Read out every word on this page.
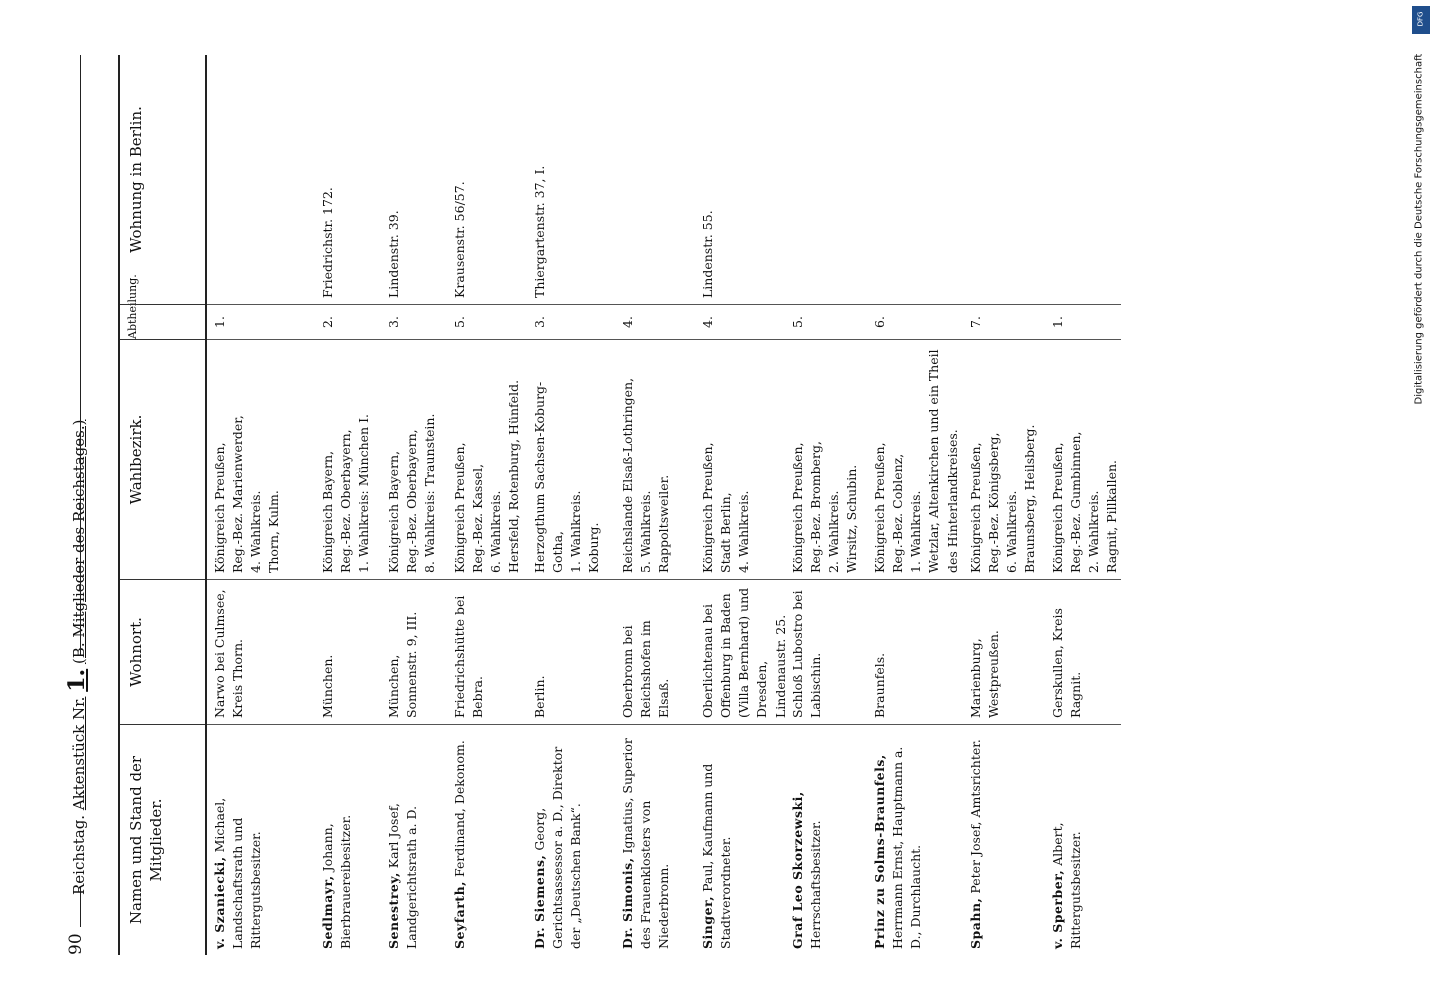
90
Reichstag. Aktenstück Nr. 1. (B. Mitglieder des Reichstages.)
Namen und Stand der Mitglieder.
Wohnort.
Wahlbezirk.
Abtheilung.
Wohnung in Berlin.
v. Szaniecki, Michael, Landschaftsrath und Rittergutsbesitzer.
Narwo bei Culmsee, Kreis Thorn.
Königreich Preußen, Reg.-Bez. Marienwerder, 4. Wahlkreis. Thorn, Kulm.
1.
Sedlmayr, Johann, Bierbrauereibesitzer.
München.
Königreich Bayern, Reg.-Bez. Oberbayern, 1. Wahlkreis: München I.
2.
Friedrichstr. 172.
Senestrey, Karl Josef, Landgerichtsrath a. D.
München, Sonnenstr. 9, III.
Königreich Bayern, Reg.-Bez. Oberbayern, 8. Wahlkreis: Traunstein.
3.
Lindenstr. 39.
Seyfarth, Ferdinand, Dekonom.
Friedrichshütte bei Bebra.
Königreich Preußen, Reg.-Bez. Kassel, 6. Wahlkreis. Hersfeld, Rotenburg, Hünfeld.
5.
Krausenstr. 56/57.
Dr. Siemens, Georg, Gerichtsassessor a. D., Direktor der „Deutschen Bank“.
Berlin.
Herzogthum Sachsen-Koburg-Gotha, 1. Wahlkreis. Koburg.
3.
Thiergartenstr. 37, I.
Dr. Simonis, Ignatius, Superior des Frauenklosters von Niederbronn.
Oberbronn bei Reichshofen im Elsaß.
Reichslande Elsaß-Lothringen, 5. Wahlkreis. Rappoltsweiler.
4.
Singer, Paul, Kaufmann und Stadtverordneter.
Oberlichtenau bei Offenburg in Baden (Villa Bernhard) und Dresden, Lindenaustr. 25.
Königreich Preußen, Stadt Berlin, 4. Wahlkreis.
4.
Lindenstr. 55.
Graf Leo Skorzewski, Herrschaftsbesitzer.
Schloß Lubostro bei Labischin.
Königreich Preußen, Reg.-Bez. Bromberg, 2. Wahlkreis. Wirsitz, Schubin.
5.
Prinz zu Solms-Braunfels, Herrmann Ernst, Hauptmann a. D., Durchlaucht.
Braunfels.
Königreich Preußen, Reg.-Bez. Coblenz, 1. Wahlkreis. Wetzlar, Altenkirchen und ein Theil des Hinterlandkreises.
6.
Spahn, Peter Josef, Amtsrichter.
Marienburg, Westpreußen.
Königreich Preußen, Reg.-Bez. Königsberg, 6. Wahlkreis. Braunsberg, Heilsberg.
7.
v. Sperber, Albert, Rittergutsbesitzer.
Gerskullen, Kreis Ragnit.
Königreich Preußen, Reg.-Bez. Gumbinnen, 2. Wahlkreis. Ragnit, Pillkallen.
1.
DFG
Digitalisierung gefördert durch die Deutsche Forschungsgemeinschaft
